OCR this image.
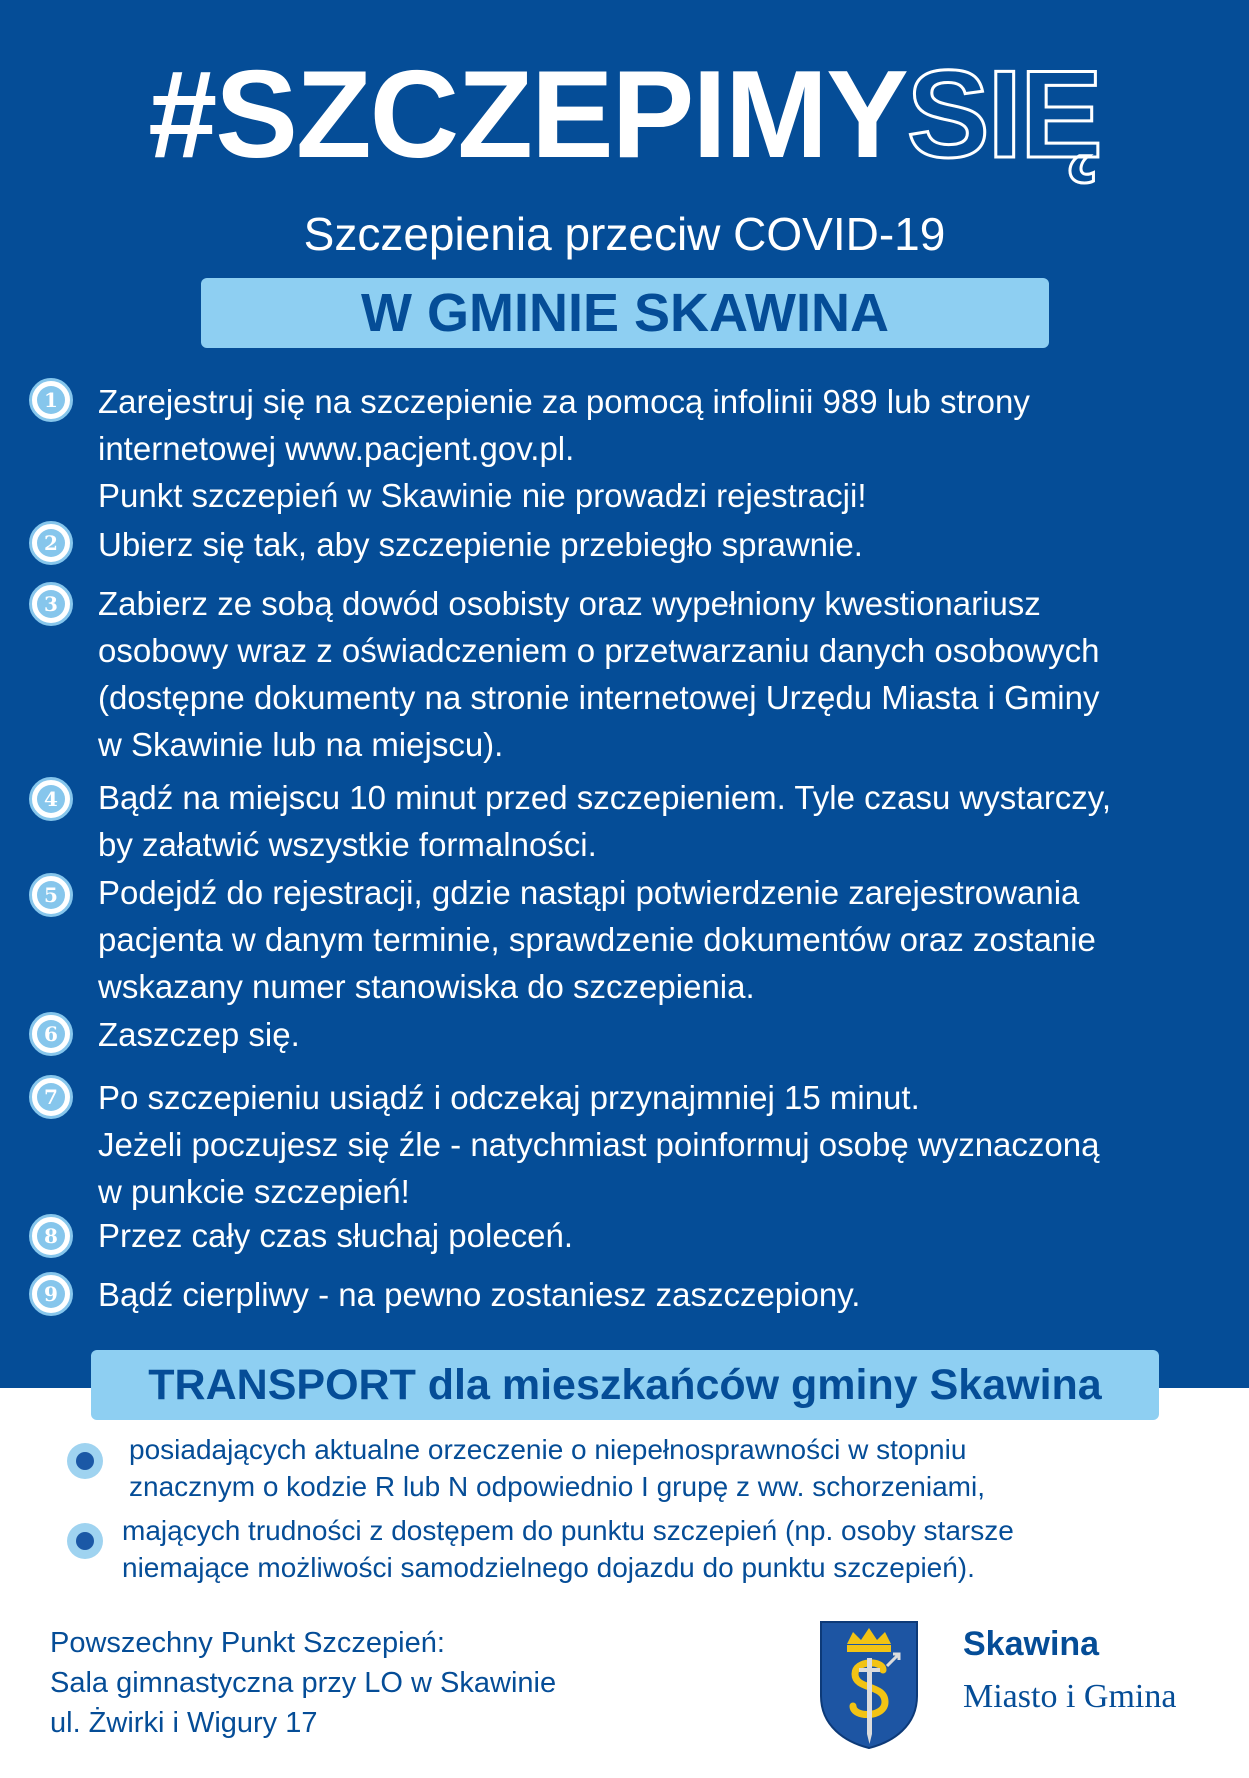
#SZCZEPIMYSIĘ
Szczepienia przeciw COVID-19
W GMINIE SKAWINA
1 Zarejestruj się na szczepienie za pomocą infolinii 989 lub strony
internetowej www.pacjent.gov.pl.
Punkt szczepień w Skawinie nie prowadzi rejestracji!
2 Ubierz się tak, aby szczepienie przebiegło sprawnie.
3 Zabierz ze sobą dowód osobisty oraz wypełniony kwestionariusz
osobowy wraz z oświadczeniem o przetwarzaniu danych osobowych
(dostępne dokumenty na stronie internetowej Urzędu Miasta i Gminy
w Skawinie lub na miejscu).
4 Bądź na miejscu 10 minut przed szczepieniem. Tyle czasu wystarczy,
by załatwić wszystkie formalności.
5 Podejdź do rejestracji, gdzie nastąpi potwierdzenie zarejestrowania
pacjenta w danym terminie, sprawdzenie dokumentów oraz zostanie
wskazany numer stanowiska do szczepienia.
6 Zaszczep się.
7 Po szczepieniu usiądź i odczekaj przynajmniej 15 minut.
Jeżeli poczujesz się źle - natychmiast poinformuj osobę wyznaczoną
w punkcie szczepień!
8 Przez cały czas słuchaj poleceń.
9 Bądź cierpliwy - na pewno zostaniesz zaszczepiony.
TRANSPORT dla mieszkańców gminy Skawina
posiadających aktualne orzeczenie o niepełnosprawności w stopniu
znacznym o kodzie R lub N odpowiednio I grupę z ww. schorzeniami,
mających trudności z dostępem do punktu szczepień (np. osoby starsze
niemające możliwości samodzielnego dojazdu do punktu szczepień).
Powszechny Punkt Szczepień:
Sala gimnastyczna przy LO w Skawinie
ul. Żwirki i Wigury 17
Skawina
Miasto i Gmina
